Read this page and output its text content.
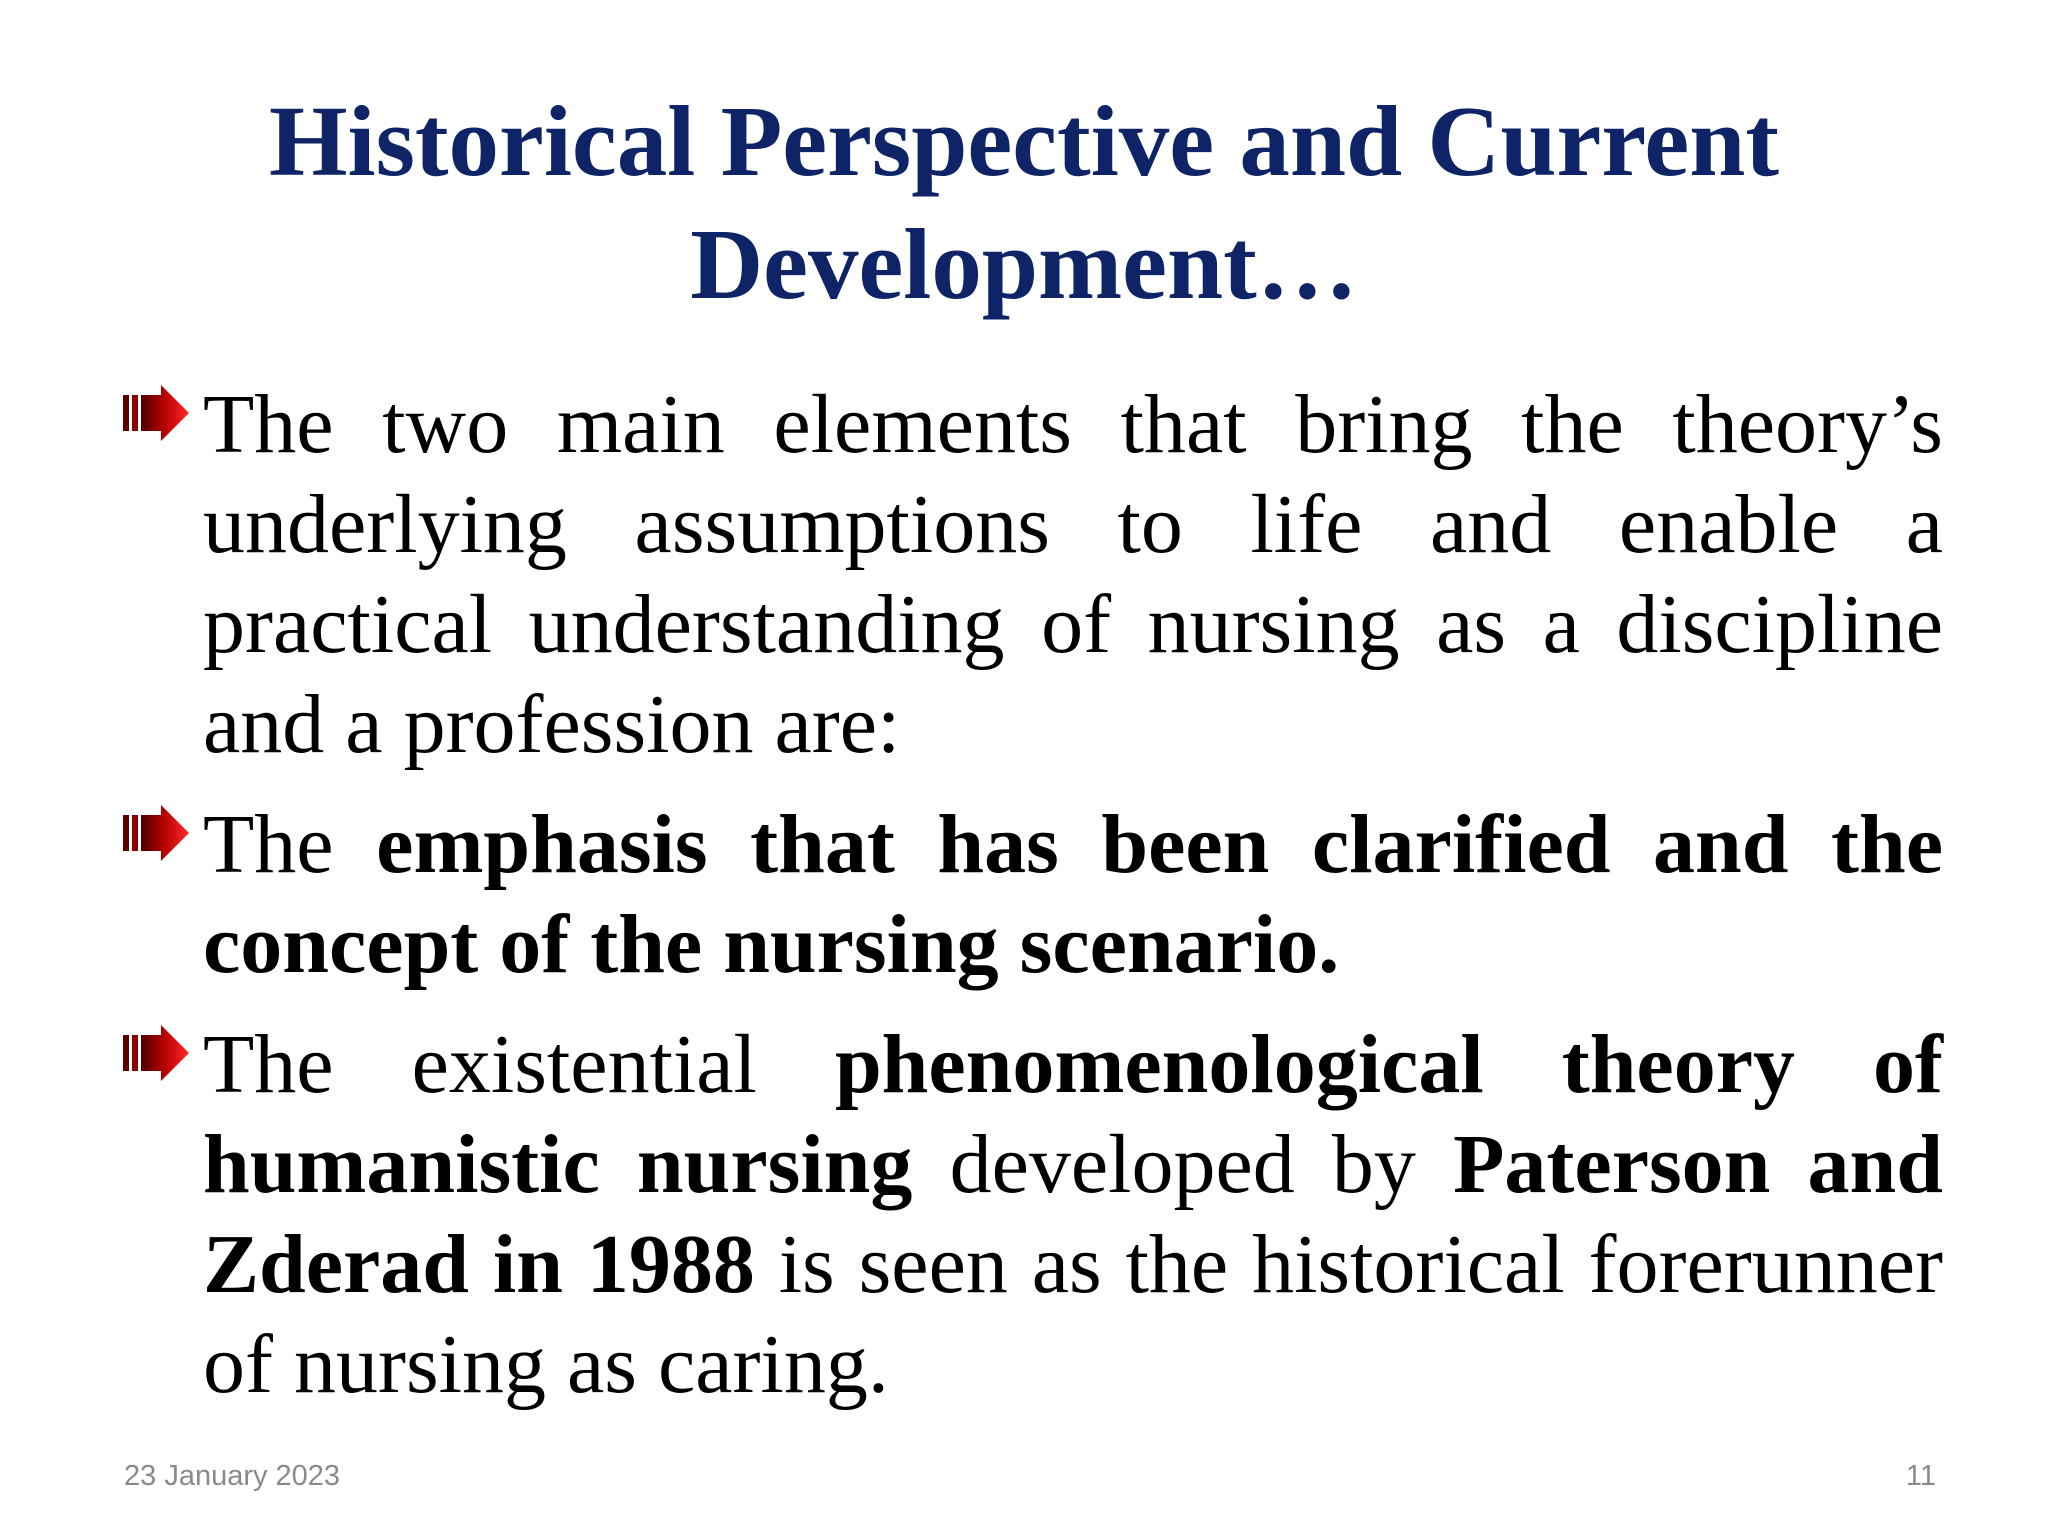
Historical Perspective and Current
Development…
The two main elements that bring the theory’s underlying assumptions to life and enable a practical understanding of nursing as a discipline and a profession are:
The emphasis that has been clarified and the concept of the nursing scenario.
The existential phenomenological theory of humanistic nursing developed by Paterson and Zderad in 1988 is seen as the historical forerunner of nursing as caring.
23 January 2023	11
